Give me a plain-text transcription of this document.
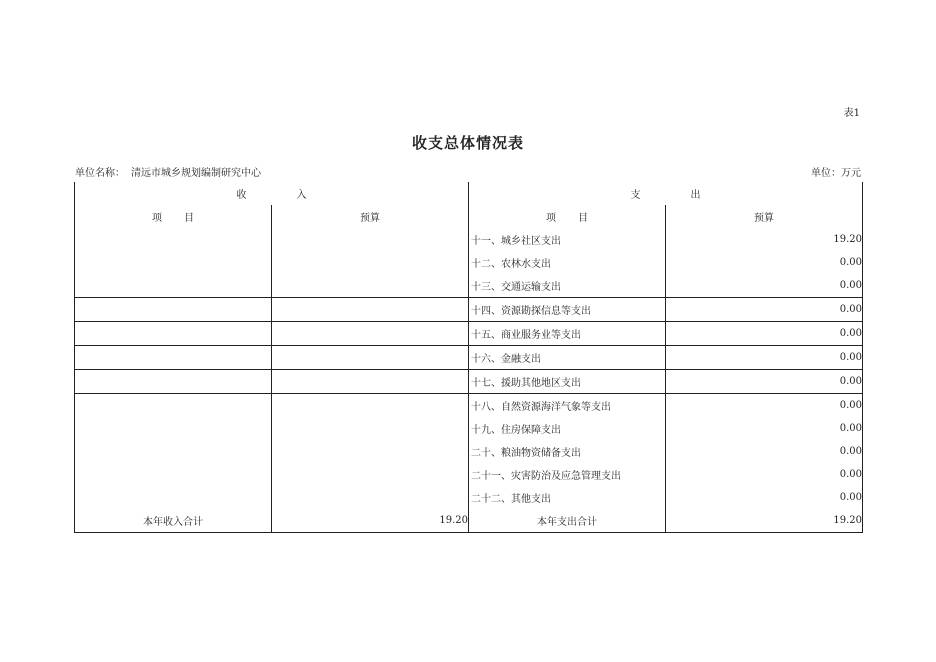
表1
收支总体情况表
单位名称： 清远市城乡规划编制研究中心	单位：万元
收 入		支 出	
项 目	预算	项 目	预算
		十一、城乡社区支出	19.20
		十二、农林水支出	0.00
		十三、交通运输支出	0.00
		十四、资源勘探信息等支出	0.00
		十五、商业服务业等支出	0.00
		十六、金融支出	0.00
		十七、援助其他地区支出	0.00
		十八、自然资源海洋气象等支出	0.00
		十九、住房保障支出	0.00
		二十、粮油物资储备支出	0.00
		二十一、灾害防治及应急管理支出	0.00
		二十二、其他支出	0.00
本年收入合计	19.20	本年支出合计	19.20
